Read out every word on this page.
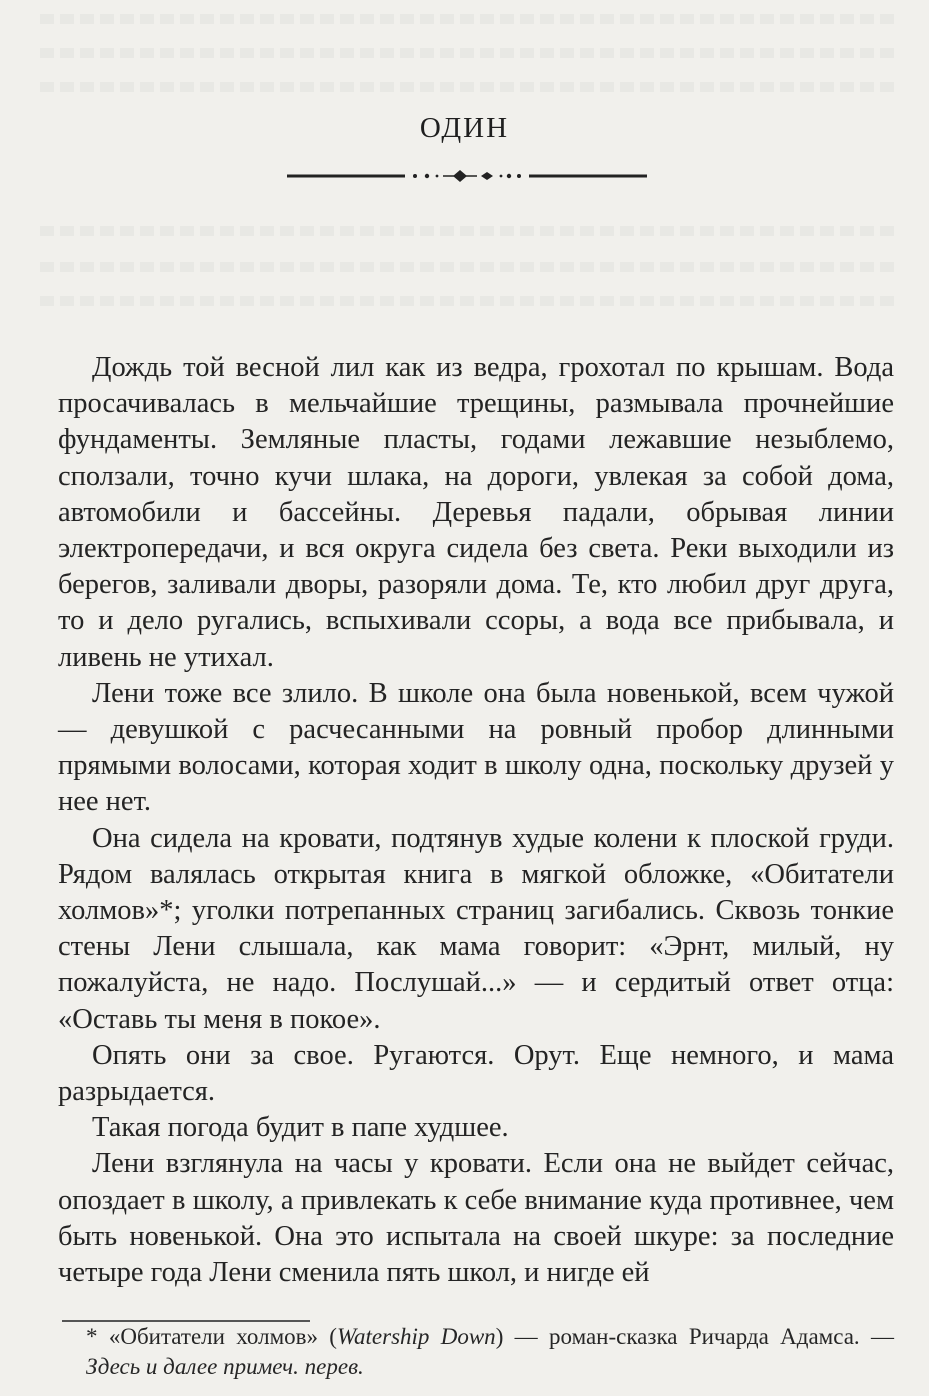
ОДИН

Дождь той весной лил как из ведра, грохотал по крышам. Вода просачивалась в мельчайшие трещины, размывала прочнейшие фундаменты. Земляные пласты, годами лежавшие незыблемо, сползали, точно кучи шлака, на дороги, увлекая за собой дома, автомобили и бассейны. Деревья падали, обрывая линии электропередачи, и вся округа сидела без света. Реки выходили из берегов, заливали дворы, разоряли дома. Те, кто любил друг друга, то и дело ругались, вспыхивали ссоры, а вода все прибывала, и ливень не утихал.

Лени тоже все злило. В школе она была новенькой, всем чужой — девушкой с расчесанными на ровный пробор длинными прямыми волосами, которая ходит в школу одна, поскольку друзей у нее нет.

Она сидела на кровати, подтянув худые колени к плоской груди. Рядом валялась открытая книга в мягкой обложке, «Обитатели холмов»*; уголки потрепанных страниц загибались. Сквозь тонкие стены Лени слышала, как мама говорит: «Эрнт, милый, ну пожалуйста, не надо. Послушай...» — и сердитый ответ отца: «Оставь ты меня в покое».

Опять они за свое. Ругаются. Орут. Еще немного, и мама разрыдается.

Такая погода будит в папе худшее.

Лени взглянула на часы у кровати. Если она не выйдет сейчас, опоздает в школу, а привлекать к себе внимание куда противнее, чем быть новенькой. Она это испытала на своей шкуре: за последние четыре года Лени сменила пять школ, и нигде ей

* «Обитатели холмов» (Watership Down) — роман-сказка Ричарда Адамса. — Здесь и далее примеч. перев.
